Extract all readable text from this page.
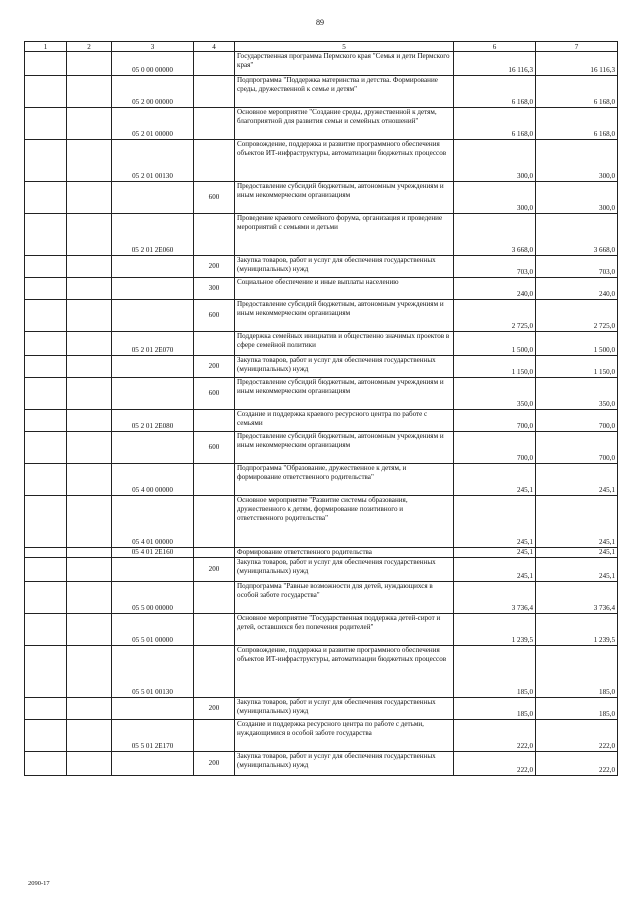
89
1	2	3	4	5	6	7
		05 0 00 00000		Государственная программа Пермского края "Семья и дети Пермского края"	16 116,3	16 116,3
		05 2 00 00000		Подпрограмма "Поддержка материнства и детства. Формирование среды, дружественной к семье и детям"	6 168,0	6 168,0
		05 2 01 00000		Основное мероприятие "Создание среды, дружественной к детям, благоприятной для развития семьи и семейных отношений"	6 168,0	6 168,0
		05 2 01 00130		Сопровождение, поддержка и развитие программного обеспечения объектов ИТ-инфраструктуры, автоматизации бюджетных процессов	300,0	300,0
			600	Предоставление субсидий бюджетным, автономным учреждениям и иным некоммерческим организациям	300,0	300,0
		05 2 01 2Е060		Проведение краевого семейного форума, организация и проведение мероприятий с семьями и детьми	3 668,0	3 668,0
			200	Закупка товаров, работ и услуг для обеспечения государственных (муниципальных) нужд	703,0	703,0
			300	Социальное обеспечение и иные выплаты населению	240,0	240,0
			600	Предоставление субсидий бюджетным, автономным учреждениям и иным некоммерческим организациям	2 725,0	2 725,0
		05 2 01 2Е070		Поддержка семейных инициатив и общественно значимых проектов в сфере семейной политики	1 500,0	1 500,0
			200	Закупка товаров, работ и услуг для обеспечения государственных (муниципальных) нужд	1 150,0	1 150,0
			600	Предоставление субсидий бюджетным, автономным учреждениям и иным некоммерческим организациям	350,0	350,0
		05 2 01 2Е080		Создание и поддержка краевого ресурсного центра по работе с семьями	700,0	700,0
			600	Предоставление субсидий бюджетным, автономным учреждениям и иным некоммерческим организациям	700,0	700,0
		05 4 00 00000		Подпрограмма "Образование, дружественное к детям, и формирование ответственного родительства"	245,1	245,1
		05 4 01 00000		Основное мероприятие "Развитие системы образования, дружественного к детям, формирование позитивного и ответственного родительства"	245,1	245,1
		05 4 01 2Е160		Формирование ответственного родительства	245,1	245,1
			200	Закупка товаров, работ и услуг для обеспечения государственных (муниципальных) нужд	245,1	245,1
		05 5 00 00000		Подпрограмма "Равные возможности для детей, нуждающихся в особой заботе государства"	3 736,4	3 736,4
		05 5 01 00000		Основное мероприятие "Государственная поддержка детей-сирот и детей, оставшихся без попечения родителей"	1 239,5	1 239,5
		05 5 01 00130		Сопровождение, поддержка и развитие программного обеспечения объектов ИТ-инфраструктуры, автоматизации бюджетных процессов	185,0	185,0
			200	Закупка товаров, работ и услуг для обеспечения государственных (муниципальных) нужд	185,0	185,0
		05 5 01 2Е170		Создание и поддержка ресурсного центра по работе с детьми, нуждающимися в особой заботе государства	222,0	222,0
			200	Закупка товаров, работ и услуг для обеспечения государственных (муниципальных) нужд	222,0	222,0
2090-17
